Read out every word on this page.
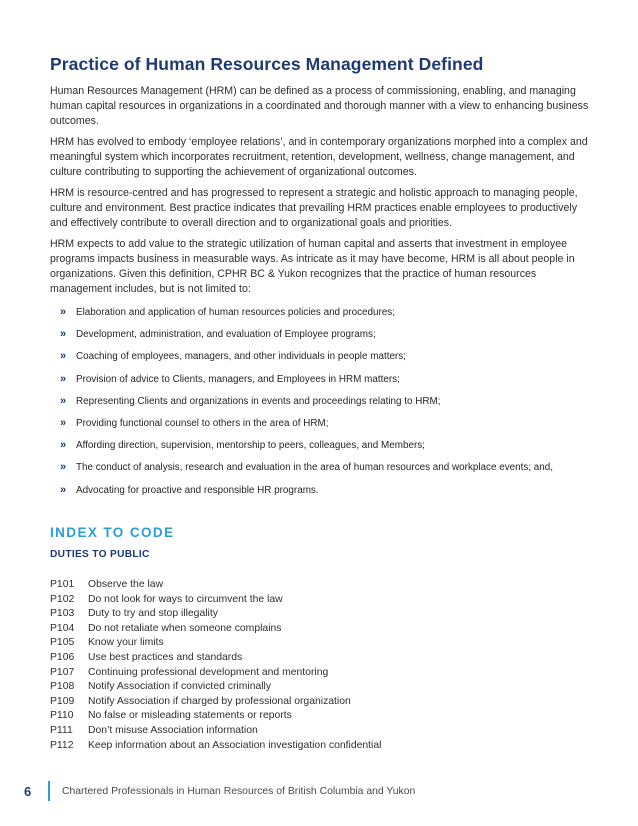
Practice of Human Resources Management Defined

Human Resources Management (HRM) can be defined as a process of commissioning, enabling, and managing human capital resources in organizations in a coordinated and thorough manner with a view to enhancing business outcomes.

HRM has evolved to embody ‘employee relations’, and in contemporary organizations morphed into a complex and meaningful system which incorporates recruitment, retention, development, wellness, change management, and culture contributing to supporting the achievement of organizational outcomes.

HRM is resource-centred and has progressed to represent a strategic and holistic approach to managing people, culture and environment. Best practice indicates that prevailing HRM practices enable employees to productively and effectively contribute to overall direction and to organizational goals and priorities.

HRM expects to add value to the strategic utilization of human capital and asserts that investment in employee programs impacts business in measurable ways. As intricate as it may have become, HRM is all about people in organizations. Given this definition, CPHR BC & Yukon recognizes that the practice of human resources management includes, but is not limited to:

» Elaboration and application of human resources policies and procedures;
» Development, administration, and evaluation of Employee programs;
» Coaching of employees, managers, and other individuals in people matters;
» Provision of advice to Clients, managers, and Employees in HRM matters;
» Representing Clients and organizations in events and proceedings relating to HRM;
» Providing functional counsel to others in the area of HRM;
» Affording direction, supervision, mentorship to peers, colleagues, and Members;
» The conduct of analysis, research and evaluation in the area of human resources and workplace events; and,
» Advocating for proactive and responsible HR programs.
INDEX TO CODE
DUTIES TO PUBLIC
P101 Observe the law
P102 Do not look for ways to circumvent the law
P103 Duty to try and stop illegality
P104 Do not retaliate when someone complains
P105 Know your limits
P106 Use best practices and standards
P107 Continuing professional development and mentoring
P108 Notify Association if convicted criminally
P109 Notify Association if charged by professional organization
P110 No false or misleading statements or reports
P111 Don’t misuse Association information
P112 Keep information about an Association investigation confidential
6	Chartered Professionals in Human Resources of British Columbia and Yukon
